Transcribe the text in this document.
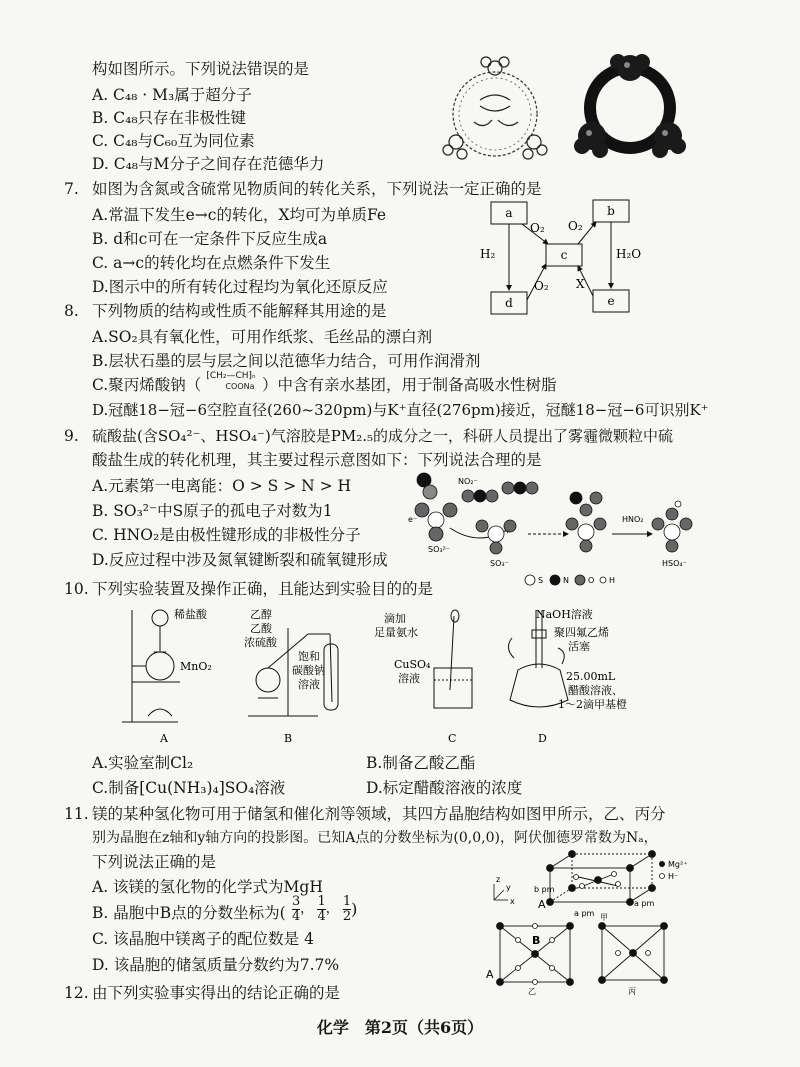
构如图所示。下列说法错误的是
A. C₄₈ · M₃属于超分子
B. C₄₈只存在非极性键
C. C₄₈与C₆₀互为同位素
D. C₄₈与M分子之间存在范德华力
7. 如图为含氮或含硫常见物质间的转化关系，下列说法一定正确的是
A.常温下发生e→c的转化，X均可为单质Fe
B. d和c可在一定条件下反应生成a
C. a→c的转化均在点燃条件下发生
D.图示中的所有转化过程均为氧化还原反应
a	b
c
d	e
O₂ O₂
H₂	H₂O
O₂ X
8. 下列物质的结构或性质不能解释其用途的是
A.SO₂具有氧化性，可用作纸浆、毛丝品的漂白剂
B.层状石墨的层与层之间以范德华力结合，可用作润滑剂
C.聚丙烯酸钠（ ⁅CH₂—CH⁆ₙ
COONa ）中含有亲水基团，用于制备高吸水性树脂
D.冠醚18−冠−6空腔直径(260~320pm)与K⁺直径(276pm)接近，冠醚18−冠−6可识别K⁺
9. 硫酸盐(含SO₄²⁻、HSO₄⁻)气溶胶是PM₂.₅的成分之一，科研人员提出了雾霾微颗粒中硫
酸盐生成的转化机理，其主要过程示意图如下：下列说法合理的是
A.元素第一电离能：O > S > N > H
B. SO₃²⁻中S原子的孤电子对数为1
C. HNO₂是由极性键形成的非极性分子
D.反应过程中涉及氮氧键断裂和硫氧键形成
SO₃²⁻
e⁻
NO₂⁻
SO₃⁻
HNO₂
HSO₄⁻
S N O H
10. 下列实验装置及操作正确，且能达到实验目的的是
稀盐酸
MnO₂
A
乙醇
乙酸
浓硫酸
饱和
碳酸钠
溶液
B
滴加
足量氨水
CuSO₄
溶液
C
NaOH溶液
聚四氟乙烯
活塞
25.00mL
醋酸溶液、
1～2滴甲基橙
D
A.实验室制Cl₂	B.制备乙酸乙酯
C.制备[Cu(NH₃)₄]SO₄溶液	D.标定醋酸溶液的浓度
11. 镁的某种氢化物可用于储氢和催化剂等领域，其四方晶胞结构如图甲所示，乙、丙分
别为晶胞在z轴和y轴方向的投影图。已知A点的分数坐标为(0,0,0)，阿伏伽德罗常数为Nₐ，
下列说法正确的是
A. 该镁的氢化物的化学式为MgH
B. 晶胞中B点的分数坐标为( $\frac{3}{4}$ ， $\frac{1}{4}$ ， $\frac{1}{2}$ )
C. 该晶胞中镁离子的配位数是 4
D. 该晶胞的储氢质量分数约为7.7%
z
y
x
b pm
a pm
a pm
A
甲
Mg²⁺
H⁻
B
A
乙	丙
12. 由下列实验事实得出的结论正确的是
化学　第2页（共6页）
